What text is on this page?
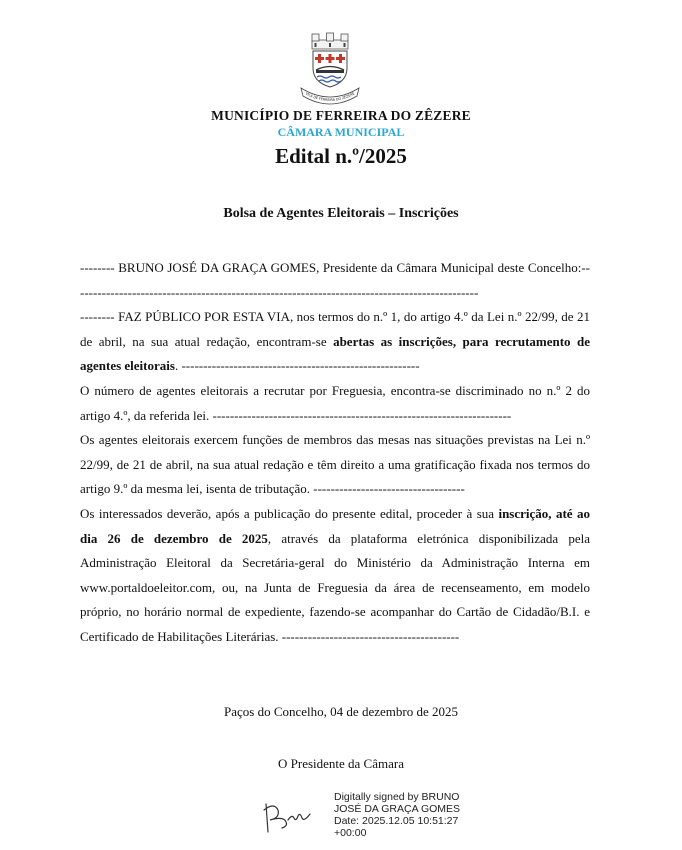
VILA DE FERREIRA DO ZÊZERE
MUNICÍPIO DE FERREIRA DO ZÊZERE
CÂMARA MUNICIPAL
Edital n.º/2025
Bolsa de Agentes Eleitorais – Inscrições

-------- BRUNO JOSÉ DA GRAÇA GOMES, Presidente da Câmara Municipal deste Concelho:----------------------------------------------------------------------------------------------

-------- FAZ PÚBLICO POR ESTA VIA, nos termos do n.º 1, do artigo 4.º da Lei n.º 22/99, de 21 de abril, na sua atual redação, encontram-se abertas as inscrições, para recrutamento de agentes eleitorais. -------------------------------------------------------

O número de agentes eleitorais a recrutar por Freguesia, encontra-se discriminado no n.º 2 do artigo 4.º, da referida lei. ---------------------------------------------------------------------

Os agentes eleitorais exercem funções de membros das mesas nas situações previstas na Lei n.º 22/99, de 21 de abril, na sua atual redação e têm direito a uma gratificação fixada nos termos do artigo 9.º da mesma lei, isenta de tributação. -----------------------------------

Os interessados deverão, após a publicação do presente edital, proceder à sua inscrição, até ao dia 26 de dezembro de 2025, através da plataforma eletrónica disponibilizada pela Administração Eleitoral da Secretária-geral do Ministério da Administração Interna em www.portaldoeleitor.com, ou, na Junta de Freguesia da área de recenseamento, em modelo próprio, no horário normal de expediente, fazendo-se acompanhar do Cartão de Cidadão/B.I. e Certificado de Habilitações Literárias. -----------------------------------------

Paços do Concelho, 04 de dezembro de 2025
O Presidente da Câmara
Digitally signed by BRUNO
JOSÉ DA GRAÇA GOMES
Date: 2025.12.05 10:51:27
+00:00
